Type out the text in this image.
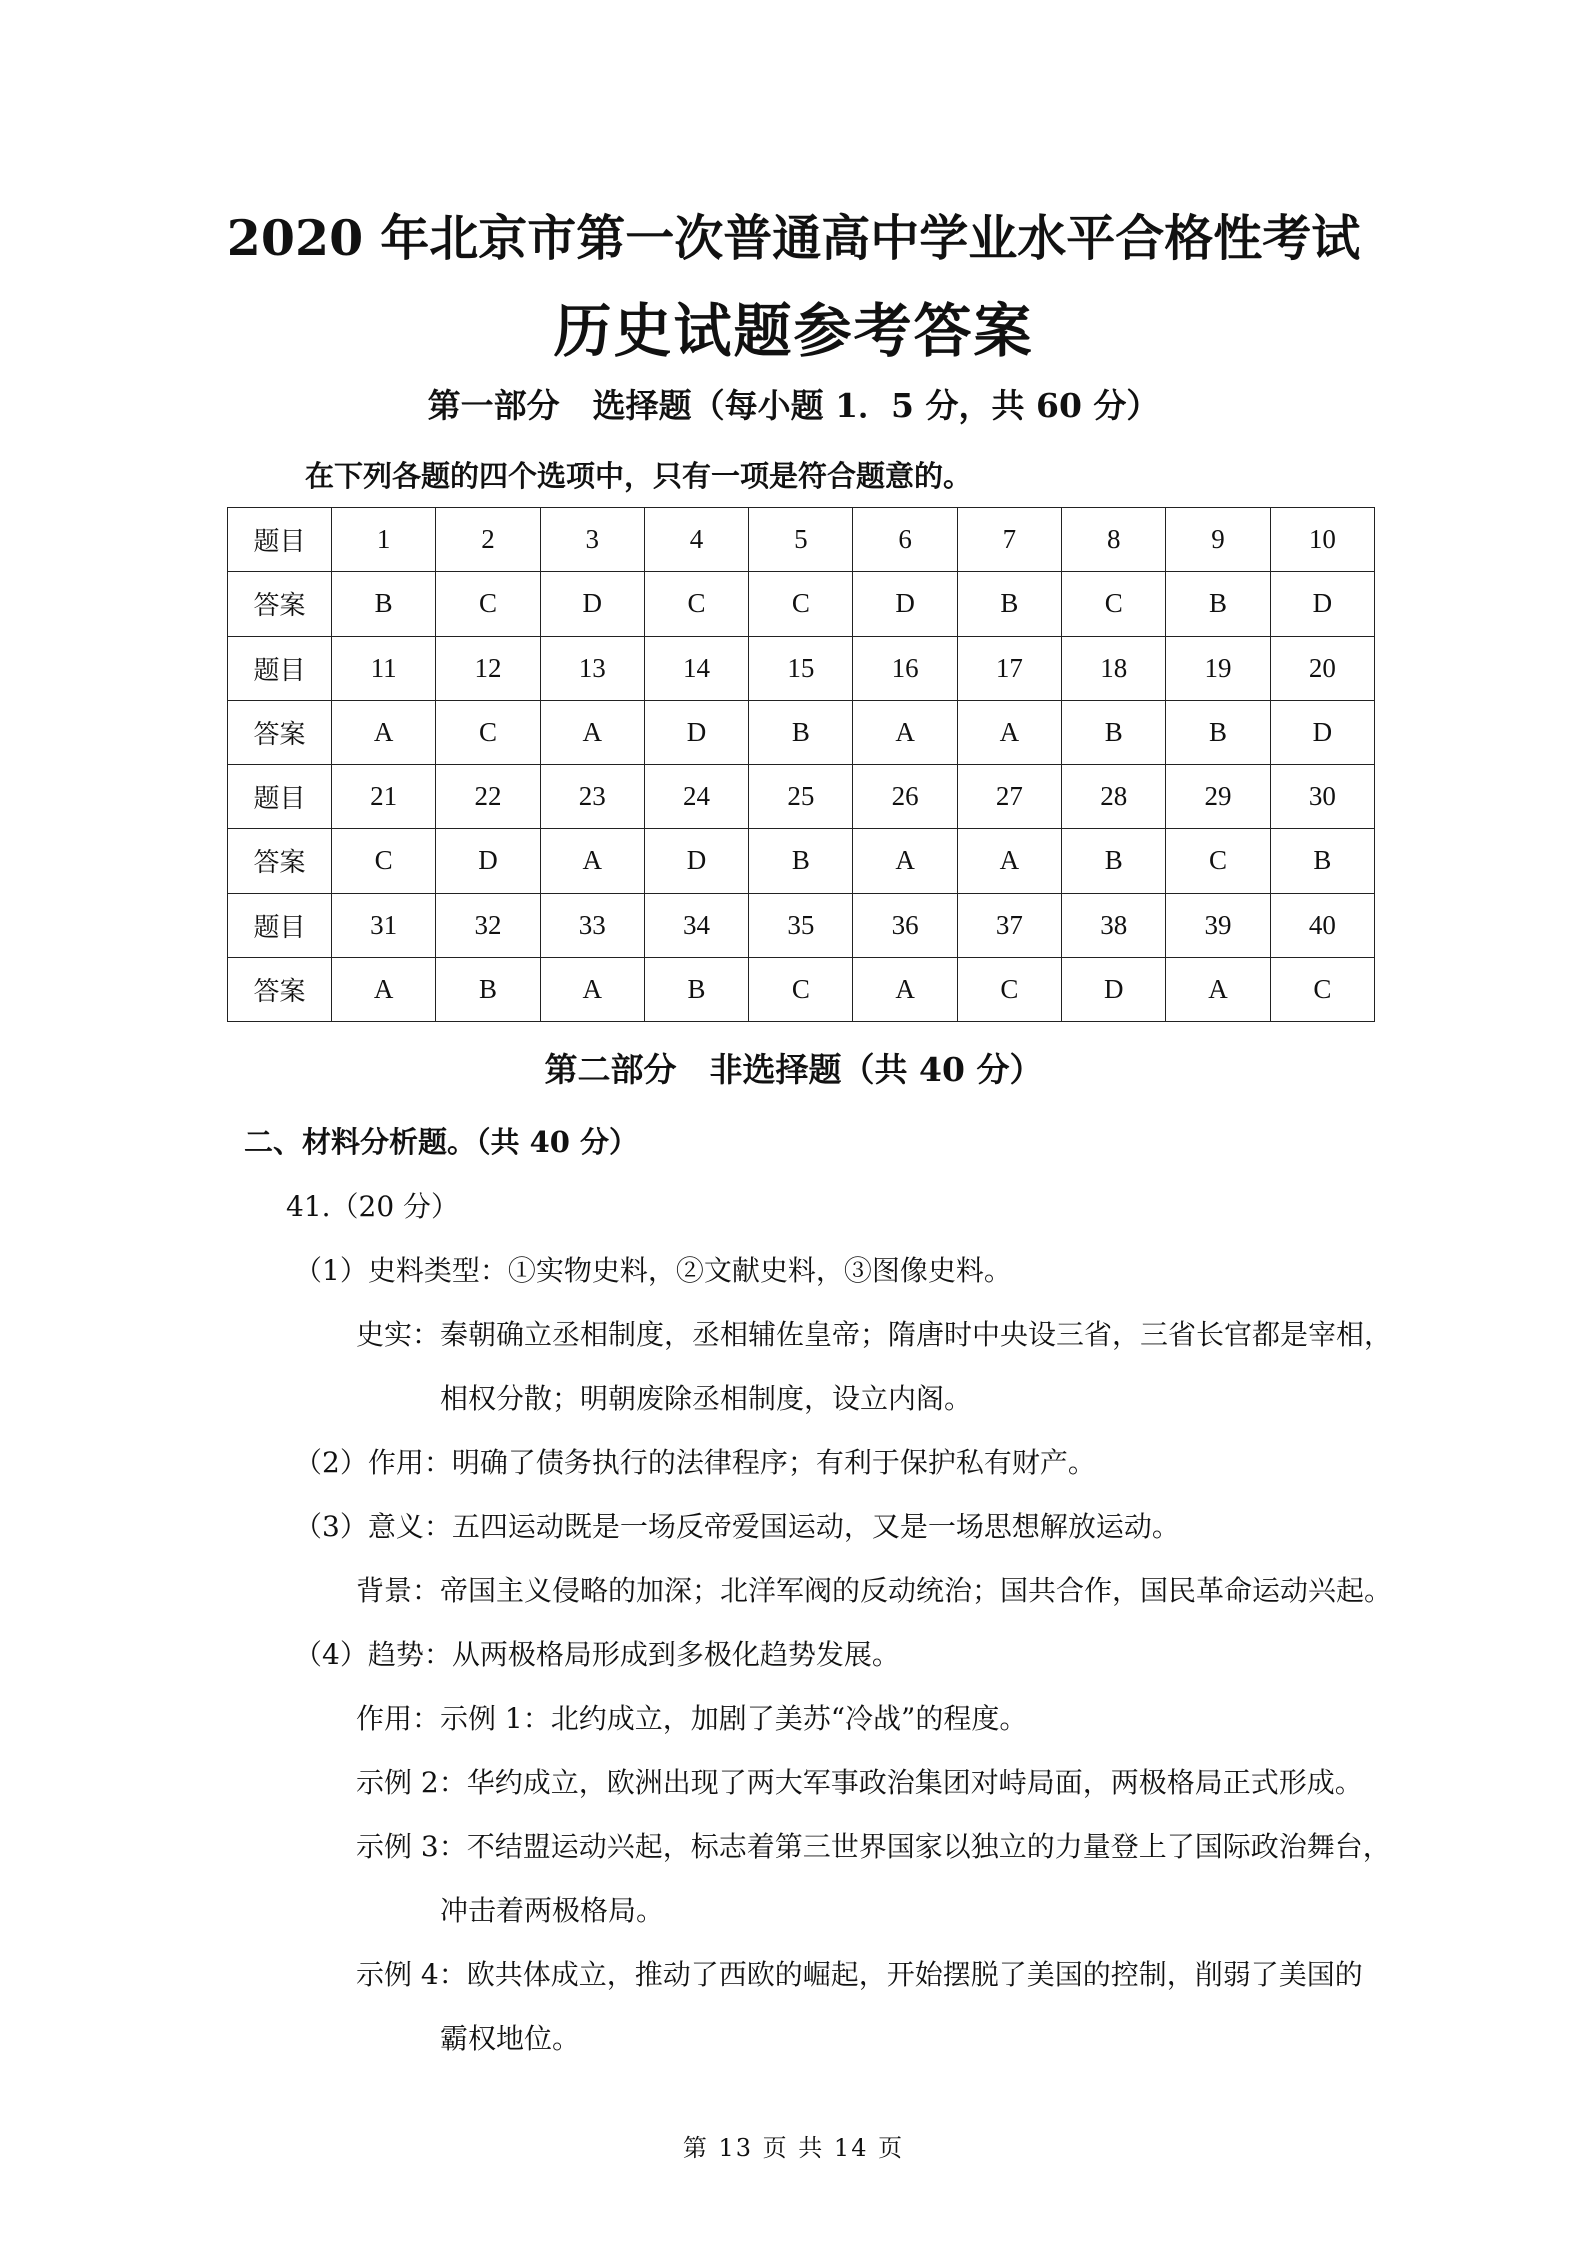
2020 年北京市第一次普通高中学业水平合格性考试
历史试题参考答案
第一部分　选择题（每小题 1．5 分，共 60 分）
在下列各题的四个选项中，只有一项是符合题意的。
题目	1	2	3	4	5	6	7	8	9	10
答案	B	C	D	C	C	D	B	C	B	D
题目	11	12	13	14	15	16	17	18	19	20
答案	A	C	A	D	B	A	A	B	B	D
题目	21	22	23	24	25	26	27	28	29	30
答案	C	D	A	D	B	A	A	B	C	B
题目	31	32	33	34	35	36	37	38	39	40
答案	A	B	A	B	C	A	C	D	A	C
第二部分　非选择题（共 40 分）
二、材料分析题。（共 40 分）
41.（20 分）
（1）史料类型：①实物史料，②文献史料，③图像史料。
史实：秦朝确立丞相制度，丞相辅佐皇帝；隋唐时中央设三省，三省长官都是宰相，
相权分散；明朝废除丞相制度，设立内阁。
（2）作用：明确了债务执行的法律程序；有利于保护私有财产。
（3）意义：五四运动既是一场反帝爱国运动，又是一场思想解放运动。
背景：帝国主义侵略的加深；北洋军阀的反动统治；国共合作，国民革命运动兴起。
（4）趋势：从两极格局形成到多极化趋势发展。
作用：示例 1：北约成立，加剧了美苏“冷战”的程度。
示例 2：华约成立，欧洲出现了两大军事政治集团对峙局面，两极格局正式形成。
示例 3：不结盟运动兴起，标志着第三世界国家以独立的力量登上了国际政治舞台，
冲击着两极格局。
示例 4：欧共体成立，推动了西欧的崛起，开始摆脱了美国的控制，削弱了美国的
霸权地位。
第 13 页 共 14 页
